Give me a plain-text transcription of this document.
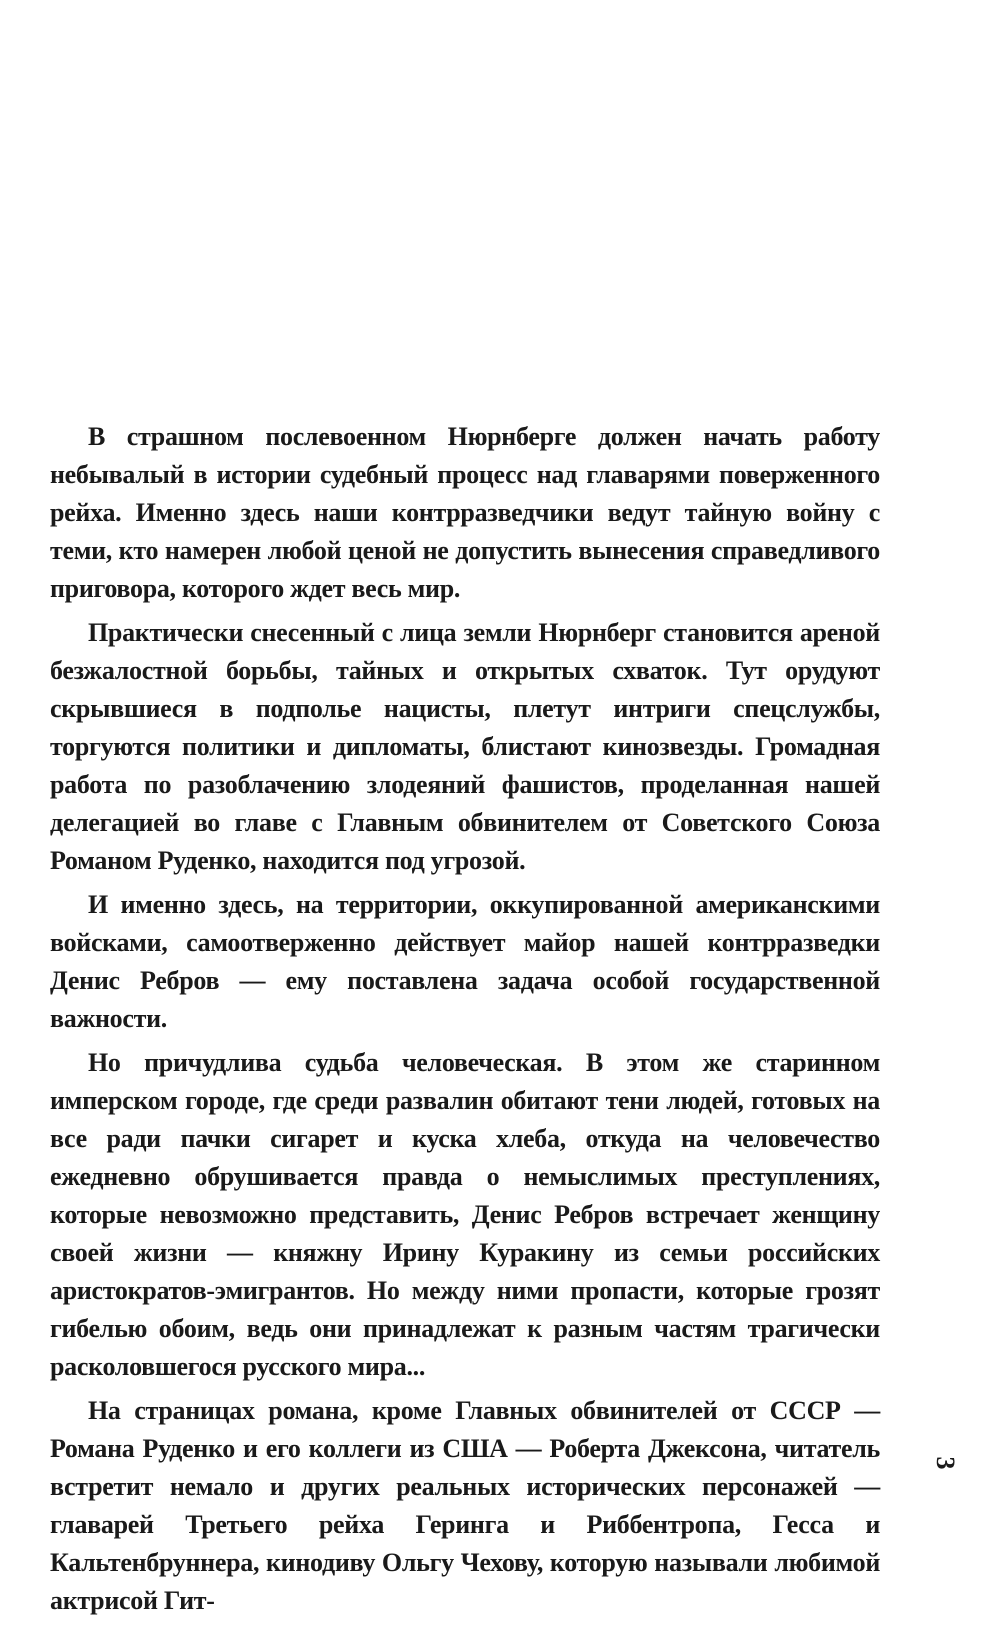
В страшном послевоенном Нюрнберге должен начать работу небывалый в истории судебный процесс над главарями поверженного рейха. Именно здесь наши контрразведчики ведут тайную войну с теми, кто намерен любой ценой не допустить вынесения справедливого приговора, которого ждет весь мир.

Практически снесенный с лица земли Нюрнберг становится ареной безжалостной борьбы, тайных и открытых схваток. Тут орудуют скрывшиеся в подполье нацисты, плетут интриги спецслужбы, торгуются политики и дипломаты, блистают кинозвезды. Громадная работа по разоблачению злодеяний фашистов, проделанная нашей делегацией во главе с Главным обвинителем от Советского Союза Романом Руденко, находится под угрозой.

И именно здесь, на территории, оккупированной американскими войсками, самоотверженно действует майор нашей контрразведки Денис Ребров — ему поставлена задача особой государственной важности.

Но причудлива судьба человеческая. В этом же старинном имперском городе, где среди развалин обитают тени людей, готовых на все ради пачки сигарет и куска хлеба, откуда на человечество ежедневно обрушивается правда о немыслимых преступлениях, которые невозможно представить, Денис Ребров встречает женщину своей жизни — княжну Ирину Куракину из семьи российских аристократов-эмигрантов. Но между ними пропасти, которые грозят гибелью обоим, ведь они принадлежат к разным частям трагически расколовшегося русского мира...

На страницах романа, кроме Главных обвинителей от СССР — Романа Руденко и его коллеги из США — Роберта Джексона, читатель встретит немало и других реальных исторических персонажей — главарей Третьего рейха Геринга и Риббентропа, Гесса и Кальтенбруннера, кинодиву Ольгу Чехову, которую называли любимой актрисой Гит-

3
